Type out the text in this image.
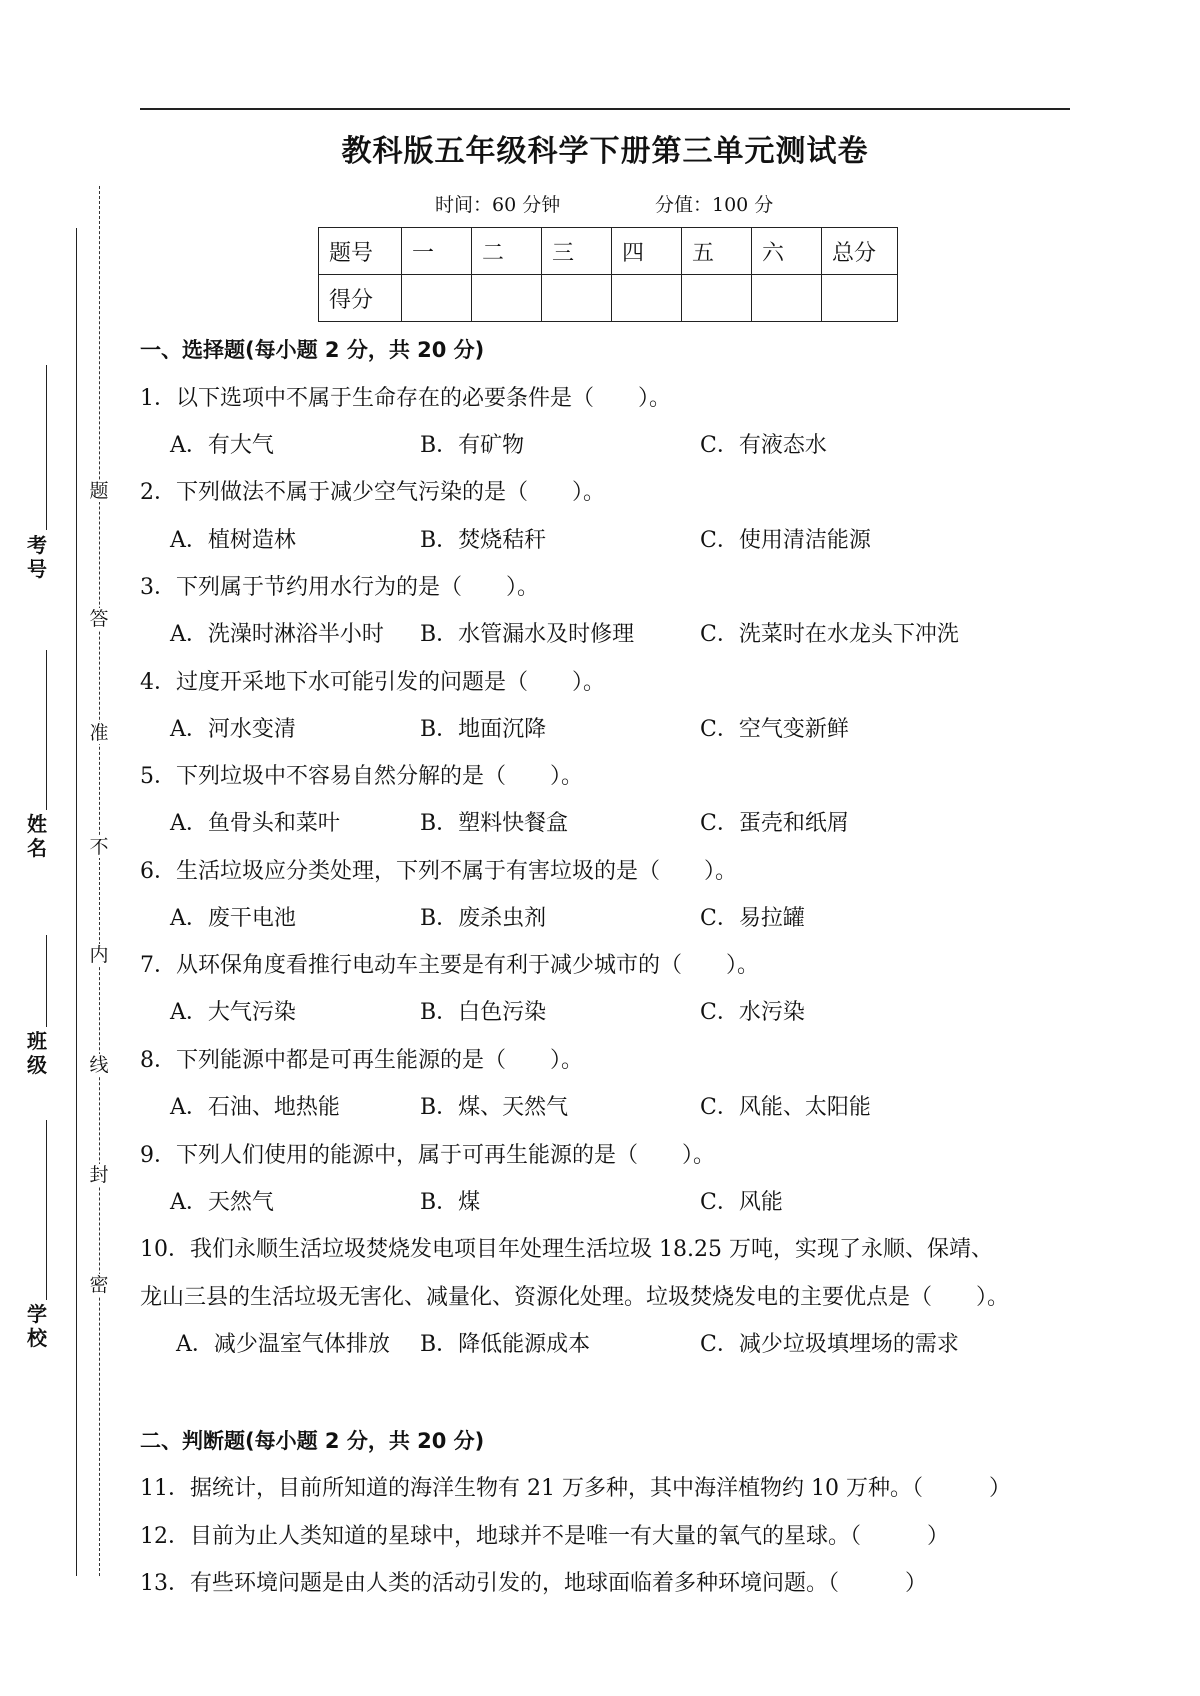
题
答
准
不
内
线
封
密
考号
姓名
班级
学校
教科版五年级科学下册第三单元测试卷
时间：60 分钟	分值：100 分
题号	一	二	三	四	五	六	总分
得分							
一、选择题(每小题 2 分，共 20 分)
1．以下选项中不属于生命存在的必要条件是（　　）。
A．有大气	B．有矿物	C．有液态水
2．下列做法不属于减少空气污染的是（　　）。
A．植树造林	B．焚烧秸秆	C．使用清洁能源
3．下列属于节约用水行为的是（　　）。
A．洗澡时淋浴半小时 B．水管漏水及时修理	C．洗菜时在水龙头下冲洗
4．过度开采地下水可能引发的问题是（　　）。
A．河水变清	B．地面沉降	C．空气变新鲜
5．下列垃圾中不容易自然分解的是（　　）。
A．鱼骨头和菜叶	B．塑料快餐盒	C．蛋壳和纸屑
6．生活垃圾应分类处理，下列不属于有害垃圾的是（　　）。
A．废干电池	B．废杀虫剂	C．易拉罐
7．从环保角度看推行电动车主要是有利于减少城市的（　　）。
A．大气污染	B．白色污染	C．水污染
8．下列能源中都是可再生能源的是（　　）。
A．石油、地热能	B．煤、天然气	C．风能、太阳能
9．下列人们使用的能源中，属于可再生能源的是（　　）。
A．天然气	B．煤	C．风能
10．我们永顺生活垃圾焚烧发电项目年处理生活垃圾 18.25 万吨，实现了永顺、保靖、
龙山三县的生活垃圾无害化、减量化、资源化处理。垃圾焚烧发电的主要优点是（　　）。
A．减少温室气体排放 B．降低能源成本	C．减少垃圾填埋场的需求
二、判断题(每小题 2 分，共 20 分)
11．据统计，目前所知道的海洋生物有 21 万多种，其中海洋植物约 10 万种。（　　　）
12．目前为止人类知道的星球中，地球并不是唯一有大量的氧气的星球。（　　　）
13．有些环境问题是由人类的活动引发的，地球面临着多种环境问题。（　　　）
